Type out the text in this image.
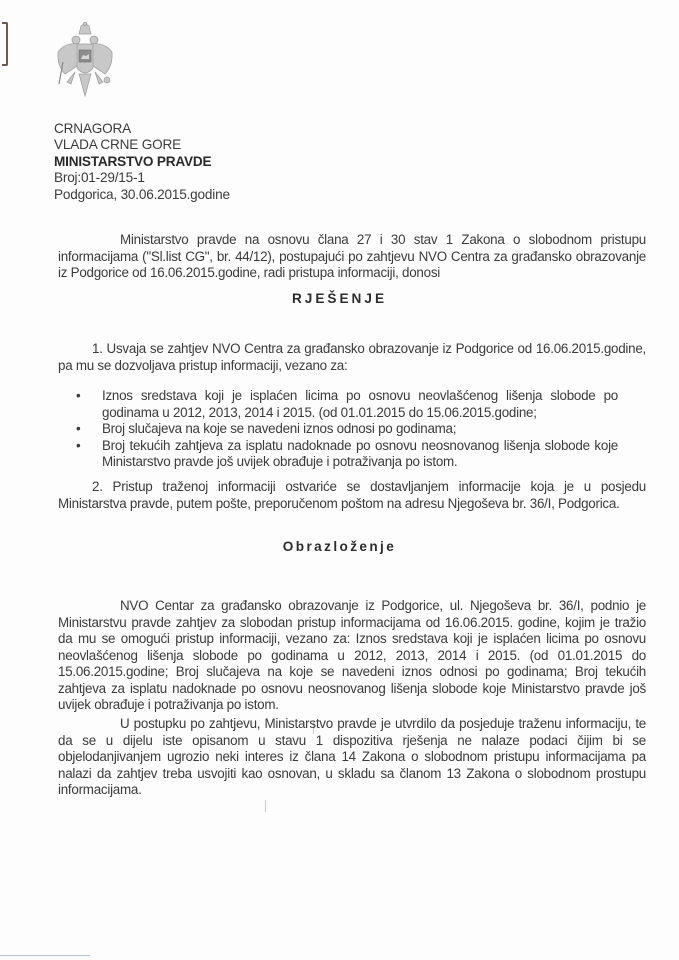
CRNAGORA
VLADA CRNE GORE
MINISTARSTVO PRAVDE
Broj:01-29/15-1
Podgorica, 30.06.2015.godine
Ministarstvo pravde na osnovu člana 27 i 30 stav 1 Zakona o slobodnom pristupu informacijama ("Sl.list CG", br. 44/12), postupajući po zahtjevu NVO Centra za građansko obrazovanje iz Podgorice od 16.06.2015.godine, radi pristupa informaciji, donosi
RJEŠENJE
1. Usvaja se zahtjev NVO Centra za građansko obrazovanje iz Podgorice od 16.06.2015.godine, pa mu se dozvoljava pristup informaciji, vezano za:
• Iznos sredstava koji je isplaćen licima po osnovu neovlašćenog lišenja slobode po godinama u 2012, 2013, 2014 i 2015. (od 01.01.2015 do 15.06.2015.godine;
• Broj slučajeva na koje se navedeni iznos odnosi po godinama;
• Broj tekućih zahtjeva za isplatu nadoknade po osnovu neosnovanog lišenja slobode koje Ministarstvo pravde još uvijek obrađuje i potraživanja po istom.
2. Pristup traženoj informaciji ostvariće se dostavljanjem informacije koja je u posjedu Ministarstva pravde, putem pošte, preporučenom poštom na adresu Njegoševa br. 36/I, Podgorica.
Obrazloženje
NVO Centar za građansko obrazovanje iz Podgorice, ul. Njegoševa br. 36/I, podnio je Ministarstvu pravde zahtjev za slobodan pristup informacijama od 16.06.2015. godine, kojim je tražio da mu se omogući pristup informaciji, vezano za: Iznos sredstava koji je isplaćen licima po osnovu neovlašćenog lišenja slobode po godinama u 2012, 2013, 2014 i 2015. (od 01.01.2015 do 15.06.2015.godine; Broj slučajeva na koje se navedeni iznos odnosi po godinama; Broj tekućih zahtjeva za isplatu nadoknade po osnovu neosnovanog lišenja slobode koje Ministarstvo pravde još uvijek obrađuje i potraživanja po istom.
U postupku po zahtjevu, Ministarstvo pravde je utvrdilo da posjeduje traženu informaciju, te da se u dijelu iste opisanom u stavu 1 dispozitiva rješenja ne nalaze podaci čijim bi se objelodanjivanjem ugrozio neki interes iz člana 14 Zakona o slobodnom pristupu informacijama pa nalazi da zahtjev treba usvojiti kao osnovan, u skladu sa članom 13 Zakona o slobodnom prostupu informacijama.
